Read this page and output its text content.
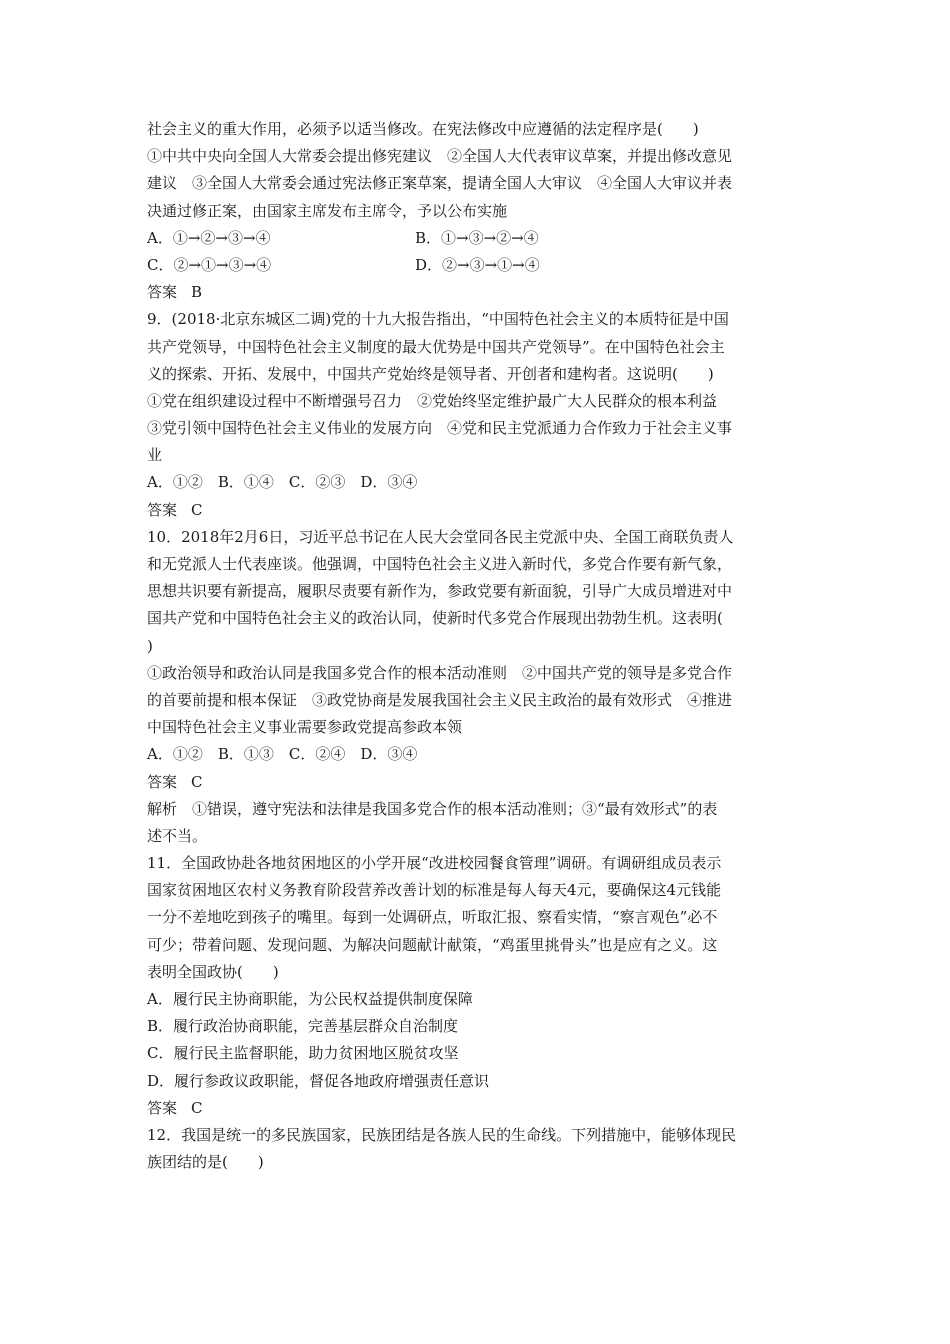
社会主义的重大作用，必须予以适当修改。在宪法修改中应遵循的法定程序是(　　)
①中共中央向全国人大常委会提出修宪建议　②全国人大代表审议草案，并提出修改意见
建议　③全国人大常委会通过宪法修正案草案，提请全国人大审议　④全国人大审议并表
决通过修正案，由国家主席发布主席令，予以公布实施
A．①→②→③→④	B．①→③→②→④
C．②→①→③→④	D．②→③→①→④
答案 B
9．(2018·北京东城区二调)党的十九大报告指出，“中国特色社会主义的本质特征是中国
共产党领导，中国特色社会主义制度的最大优势是中国共产党领导”。在中国特色社会主
义的探索、开拓、发展中，中国共产党始终是领导者、开创者和建构者。这说明(　　)
①党在组织建设过程中不断增强号召力　②党始终坚定维护最广大人民群众的根本利益
③党引领中国特色社会主义伟业的发展方向　④党和民主党派通力合作致力于社会主义事
业
A．①②　B．①④　C．②③　D．③④
答案 C
10．2018年2月6日，习近平总书记在人民大会堂同各民主党派中央、全国工商联负责人
和无党派人士代表座谈。他强调，中国特色社会主义进入新时代，多党合作要有新气象，
思想共识要有新提高，履职尽责要有新作为，参政党要有新面貌，引导广大成员增进对中
国共产党和中国特色社会主义的政治认同，使新时代多党合作展现出勃勃生机。这表明(
)
①政治领导和政治认同是我国多党合作的根本活动准则　②中国共产党的领导是多党合作
的首要前提和根本保证　③政党协商是发展我国社会主义民主政治的最有效形式　④推进
中国特色社会主义事业需要参政党提高参政本领
A．①②　B．①③　C．②④　D．③④
答案 C
解析　①错误，遵守宪法和法律是我国多党合作的根本活动准则；③“最有效形式”的表
述不当。
11．全国政协赴各地贫困地区的小学开展“改进校园餐食管理”调研。有调研组成员表示
国家贫困地区农村义务教育阶段营养改善计划的标准是每人每天4元，要确保这4元钱能
一分不差地吃到孩子的嘴里。每到一处调研点，听取汇报、察看实情，“察言观色”必不
可少；带着问题、发现问题、为解决问题献计献策，“鸡蛋里挑骨头”也是应有之义。这
表明全国政协(　　)
A．履行民主协商职能，为公民权益提供制度保障
B．履行政治协商职能，完善基层群众自治制度
C．履行民主监督职能，助力贫困地区脱贫攻坚
D．履行参政议政职能，督促各地政府增强责任意识
答案 C
12．我国是统一的多民族国家，民族团结是各族人民的生命线。下列措施中，能够体现民
族团结的是(　　)
